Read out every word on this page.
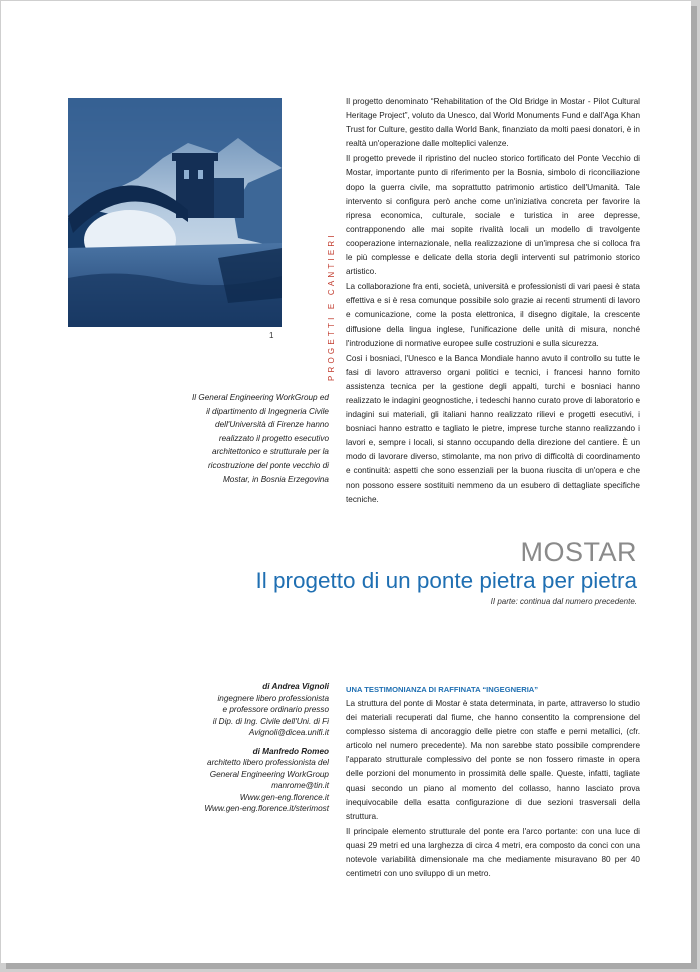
1	PROGETTI E CANTIERI
Il General Engineering WorkGroup ed il dipartimento di Ingegneria Civile dell'Università di Firenze hanno realizzato il progetto esecutivo architettonico e strutturale per la ricostruzione del ponte vecchio di Mostar, in Bosnia Erzegovina

Il progetto denominato “Rehabilitation of the Old Bridge in Mostar - Pilot Cultural Heritage Project”, voluto da Unesco, dal World Monuments Fund e dall'Aga Khan Trust for Culture, gestito dalla World Bank, finanziato da molti paesi donatori, è in realtà un'operazione dalle molteplici valenze.

Il progetto prevede il ripristino del nucleo storico fortificato del Ponte Vecchio di Mostar, importante punto di riferimento per la Bosnia, simbolo di riconciliazione dopo la guerra civile, ma soprattutto patrimonio artistico dell'Umanità. Tale intervento si configura però anche come un'iniziativa concreta per favorire la ripresa economica, culturale, sociale e turistica in aree depresse, contrapponendo alle mai sopite rivalità locali un modello di travolgente cooperazione internazionale, nella realizzazione di un'impresa che si colloca fra le più complesse e delicate della storia degli interventi sul patrimonio storico artistico.

La collaborazione fra enti, società, università e professionisti di vari paesi è stata effettiva e si è resa comunque possibile solo grazie ai recenti strumenti di lavoro e comunicazione, come la posta elettronica, il disegno digitale, la crescente diffusione della lingua inglese, l'unificazione delle unità di misura, nonché l'introduzione di normative europee sulle costruzioni e sulla sicurezza.

Così i bosniaci, l'Unesco e la Banca Mondiale hanno avuto il controllo su tutte le fasi di lavoro attraverso organi politici e tecnici, i francesi hanno fornito assistenza tecnica per la gestione degli appalti, turchi e bosniaci hanno realizzato le indagini geognostiche, i tedeschi hanno curato prove di laboratorio e indagini sui materiali, gli italiani hanno realizzato rilievi e progetti esecutivi, i bosniaci hanno estratto e tagliato le pietre, imprese turche stanno realizzando i lavori e, sempre i locali, si stanno occupando della direzione del cantiere. È un modo di lavorare diverso, stimolante, ma non privo di difficoltà di coordinamento e continuità: aspetti che sono essenziali per la buona riuscita di un'opera e che non possono essere sostituiti nemmeno da un esubero di dettagliate specifiche tecniche.

MOSTAR
Il progetto di un ponte pietra per pietra
II parte: continua dal numero precedente.
di Andrea Vignoli
ingegnere libero professionista
e professore ordinario presso
il Dip. di Ing. Civile dell'Uni. di Fi
Avignoli@dicea.unifi.it
di Manfredo Romeo
architetto libero professionista del
General Engineering WorkGroup
manrome@tin.it
Www.gen-eng.florence.it
Www.gen-eng.florence.it/sterimost
UNA TESTIMONIANZA DI RAFFINATA “INGEGNERIA”

La struttura del ponte di Mostar è stata determinata, in parte, attraverso lo studio dei materiali recuperati dal fiume, che hanno consentito la comprensione del complesso sistema di ancoraggio delle pietre con staffe e perni metallici, (cfr. articolo nel numero precedente). Ma non sarebbe stato possibile comprendere l'apparato strutturale complessivo del ponte se non fossero rimaste in opera delle porzioni del monumento in prossimità delle spalle. Queste, infatti, tagliate quasi secondo un piano al momento del collasso, hanno lasciato prova inequivocabile della esatta configurazione di due sezioni trasversali della struttura.

Il principale elemento strutturale del ponte era l'arco portante: con una luce di quasi 29 metri ed una larghezza di circa 4 metri, era composto da conci con una notevole variabilità dimensionale ma che mediamente misuravano 80 per 40 centimetri con uno sviluppo di un metro.
